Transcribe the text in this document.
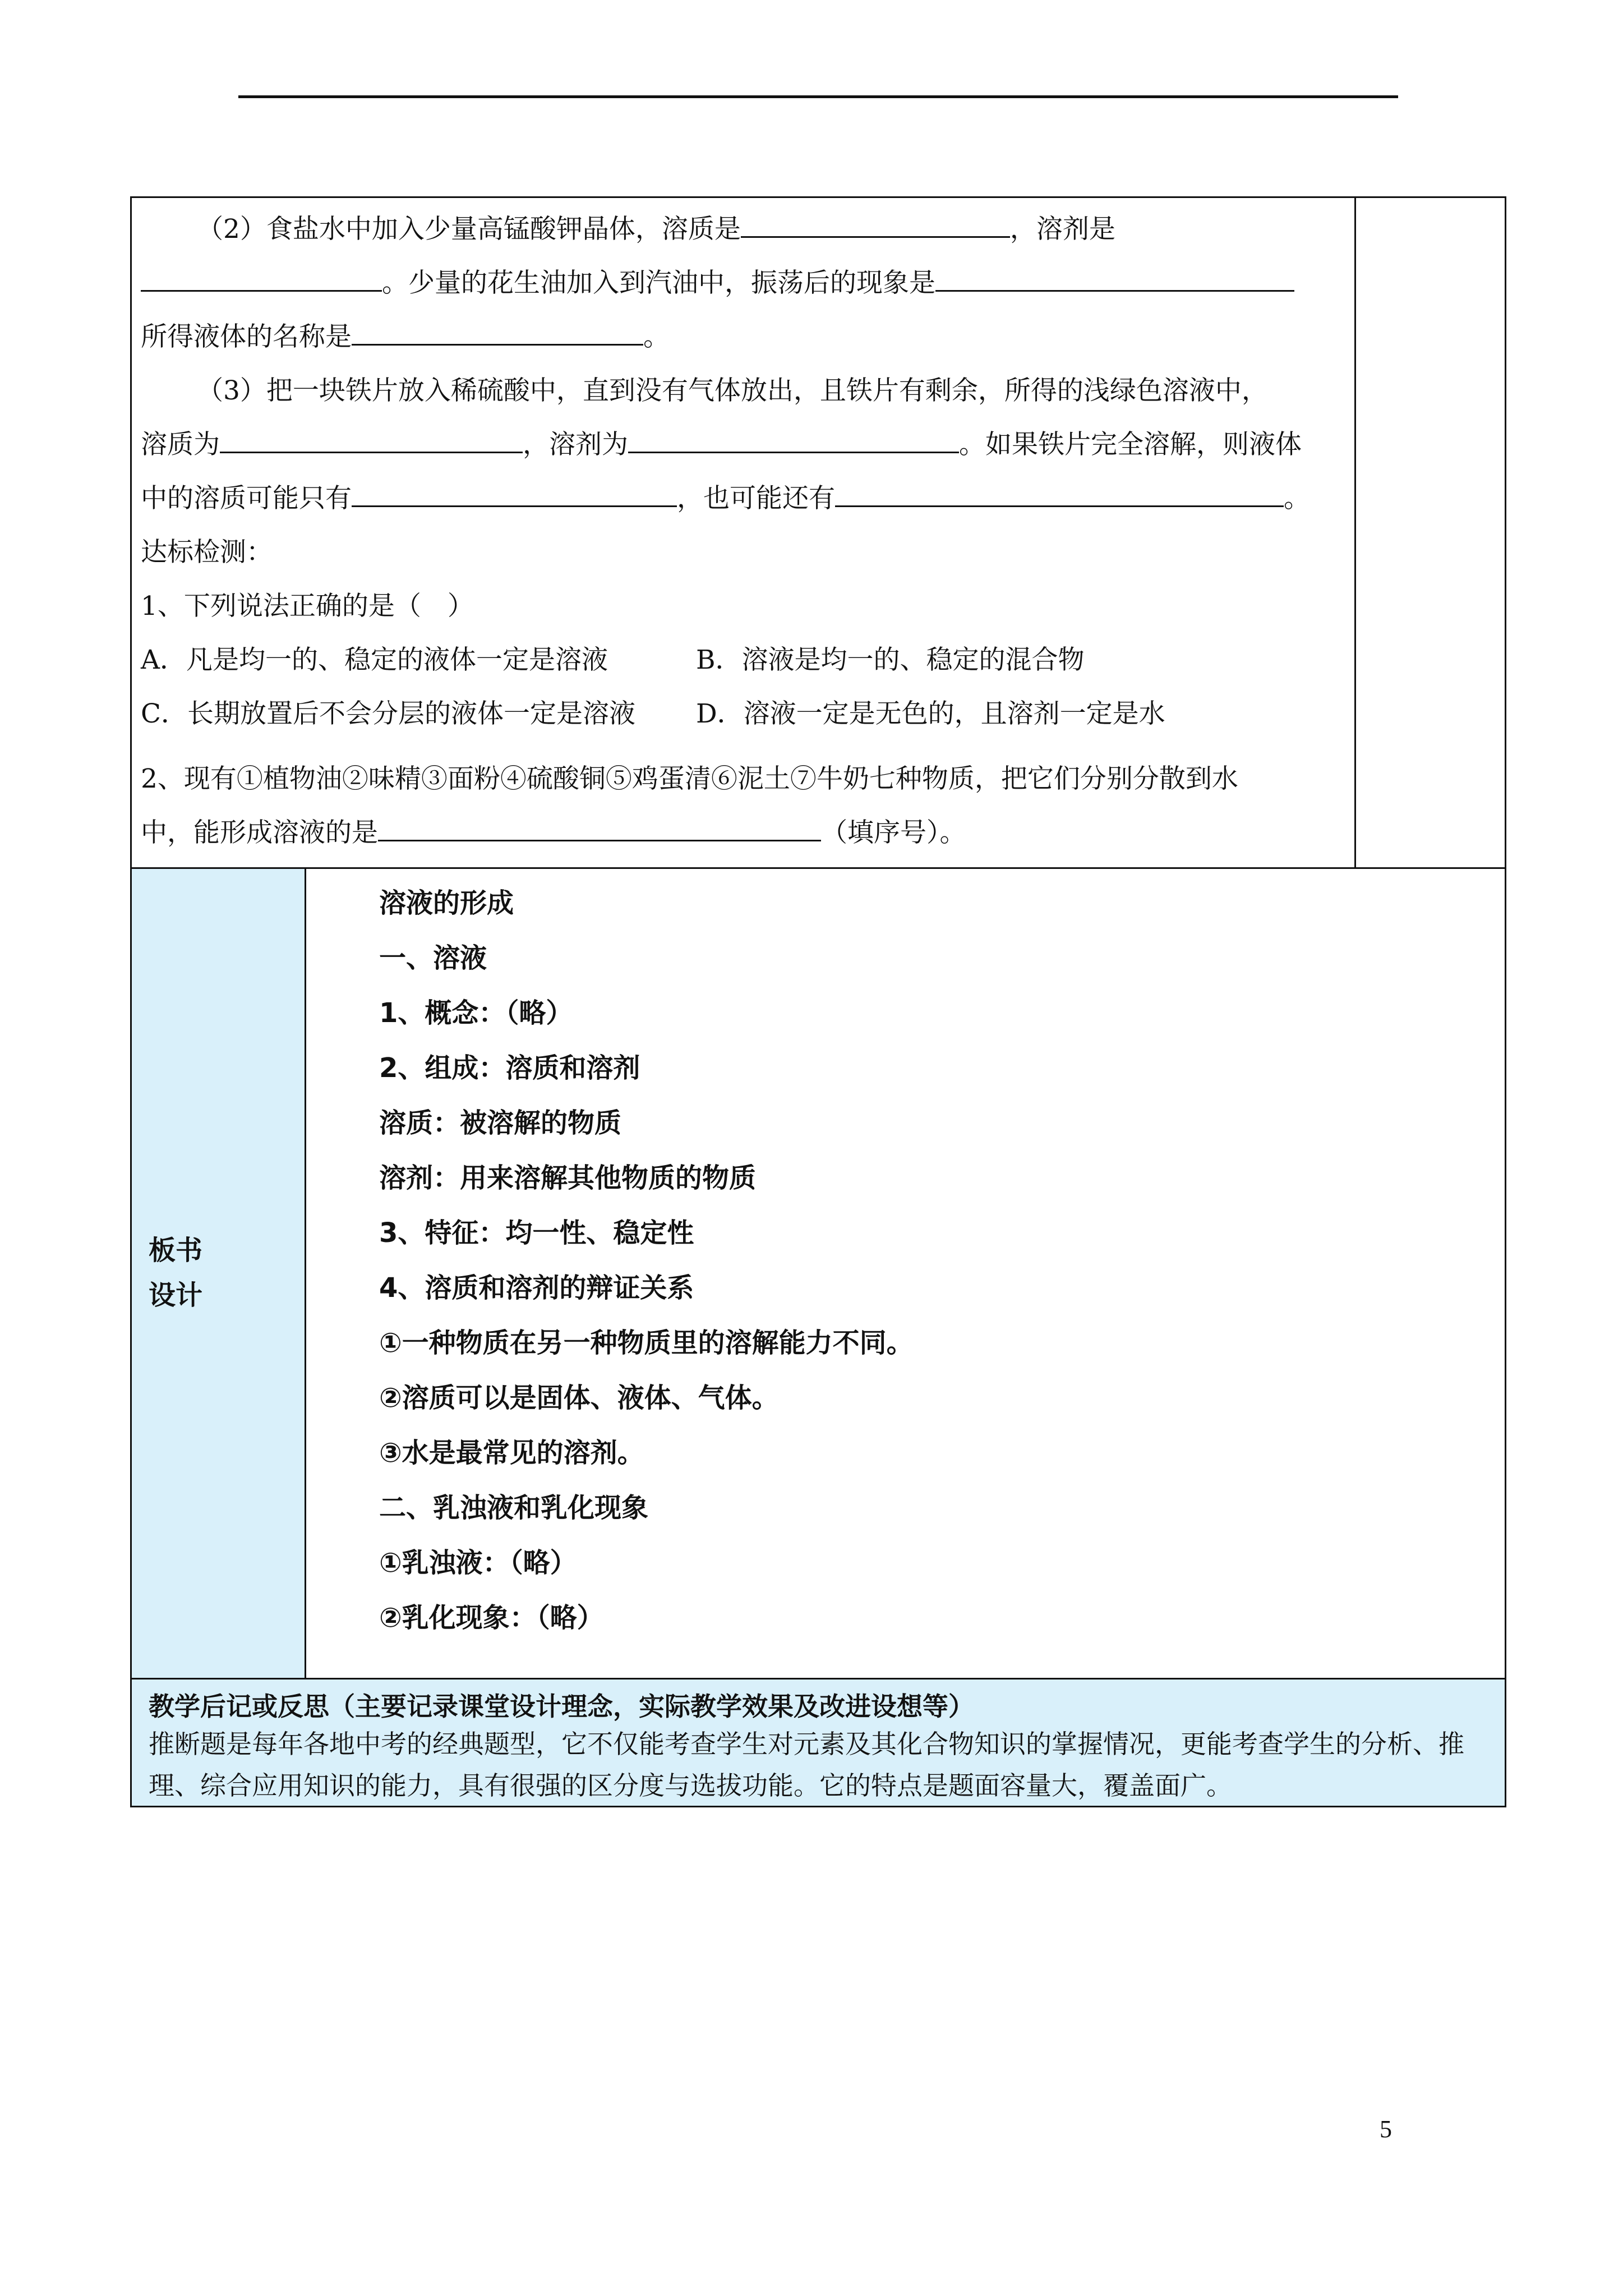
（2）食盐水中加入少量高锰酸钾晶体，溶质是	，溶剂是
。少量的花生油加入到汽油中，振荡后的现象是
所得液体的名称是	。
（3）把一块铁片放入稀硫酸中，直到没有气体放出，且铁片有剩余，所得的浅绿色溶液中，
溶质为	，溶剂为	。如果铁片完全溶解，则液体
中的溶质可能只有	，也可能还有	。
达标检测：
1、下列说法正确的是（　）
A．凡是均一的、稳定的液体一定是溶液	B．溶液是均一的、稳定的混合物
C．长期放置后不会分层的液体一定是溶液 D．溶液一定是无色的，且溶剂一定是水
2、现有①植物油②味精③面粉④硫酸铜⑤鸡蛋清⑥泥土⑦牛奶七种物质，把它们分别分散到水
中，能形成溶液的是	（填序号）。
板书
设计
溶液的形成
一、溶液
1、概念：（略）
2、组成：溶质和溶剂
溶质：被溶解的物质
溶剂：用来溶解其他物质的物质
3、特征：均一性、稳定性
4、溶质和溶剂的辩证关系
①一种物质在另一种物质里的溶解能力不同。
②溶质可以是固体、液体、气体。
③水是最常见的溶剂。
二、乳浊液和乳化现象
①乳浊液：（略）
②乳化现象：（略）
教学后记或反思（主要记录课堂设计理念，实际教学效果及改进设想等）
推断题是每年各地中考的经典题型，它不仅能考查学生对元素及其化合物知识的掌握情况，更能考查学生的分析、推理、综合应用知识的能力，具有很强的区分度与选拔功能。它的特点是题面容量大，覆盖面广。
5
